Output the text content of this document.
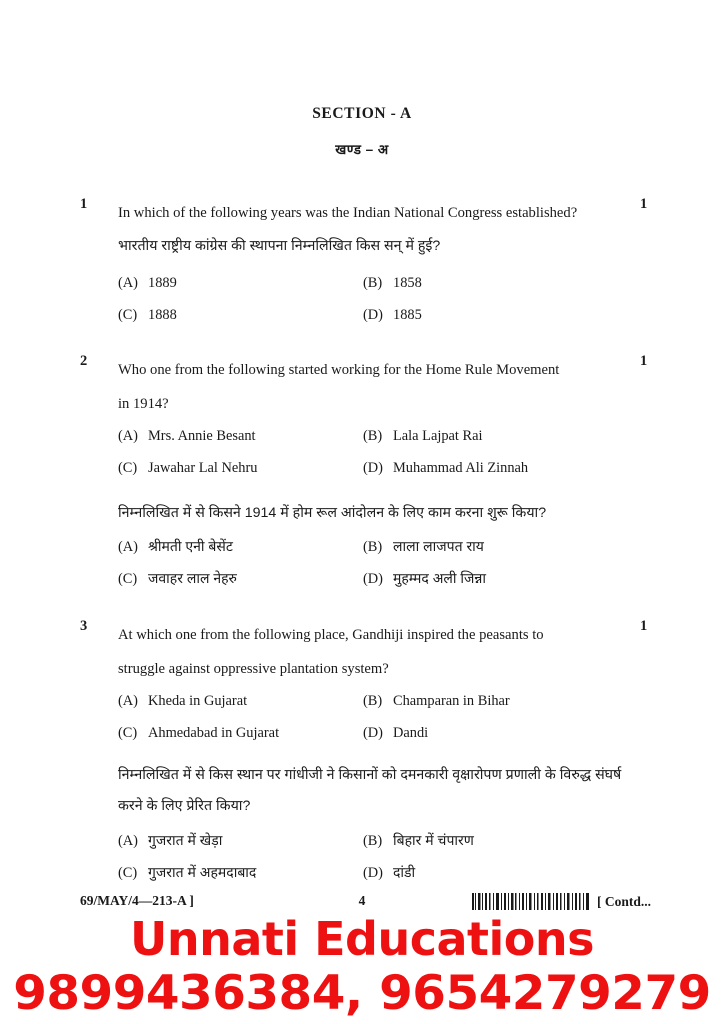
SECTION - A
खण्ड – अ
1	1
In which of the following years was the Indian National Congress established?
भारतीय राष्ट्रीय कांग्रेस की स्थापना निम्नलिखित किस सन् में हुई?
(A) 1889	(B) 1858
(C) 1888	(D) 1885
2	1
Who one from the following started working for the Home Rule Movement
in 1914?
(A) Mrs. Annie Besant	(B) Lala Lajpat Rai
(C) Jawahar Lal Nehru	(D) Muhammad Ali Zinnah
निम्नलिखित में से किसने 1914 में होम रूल आंदोलन के लिए काम करना शुरू किया?
(A) श्रीमती एनी बेसेंट	(B) लाला लाजपत राय
(C) जवाहर लाल नेहरु	(D) मुहम्मद अली जिन्ना
3	1
At which one from the following place, Gandhiji inspired the peasants to
struggle against oppressive plantation system?
(A) Kheda in Gujarat	(B) Champaran in Bihar
(C) Ahmedabad in Gujarat	(D) Dandi
निम्नलिखित में से किस स्थान पर गांधीजी ने किसानों को दमनकारी वृक्षारोपण प्रणाली के विरुद्ध संघर्ष करने के लिए प्रेरित किया?
(A) गुजरात में खेड़ा	(B) बिहार में चंपारण
(C) गुजरात में अहमदाबाद	(D) दांडी
69/MAY/4—213-A ]	4	[ Contd...
Unnati Educations
9899436384, 9654279279
